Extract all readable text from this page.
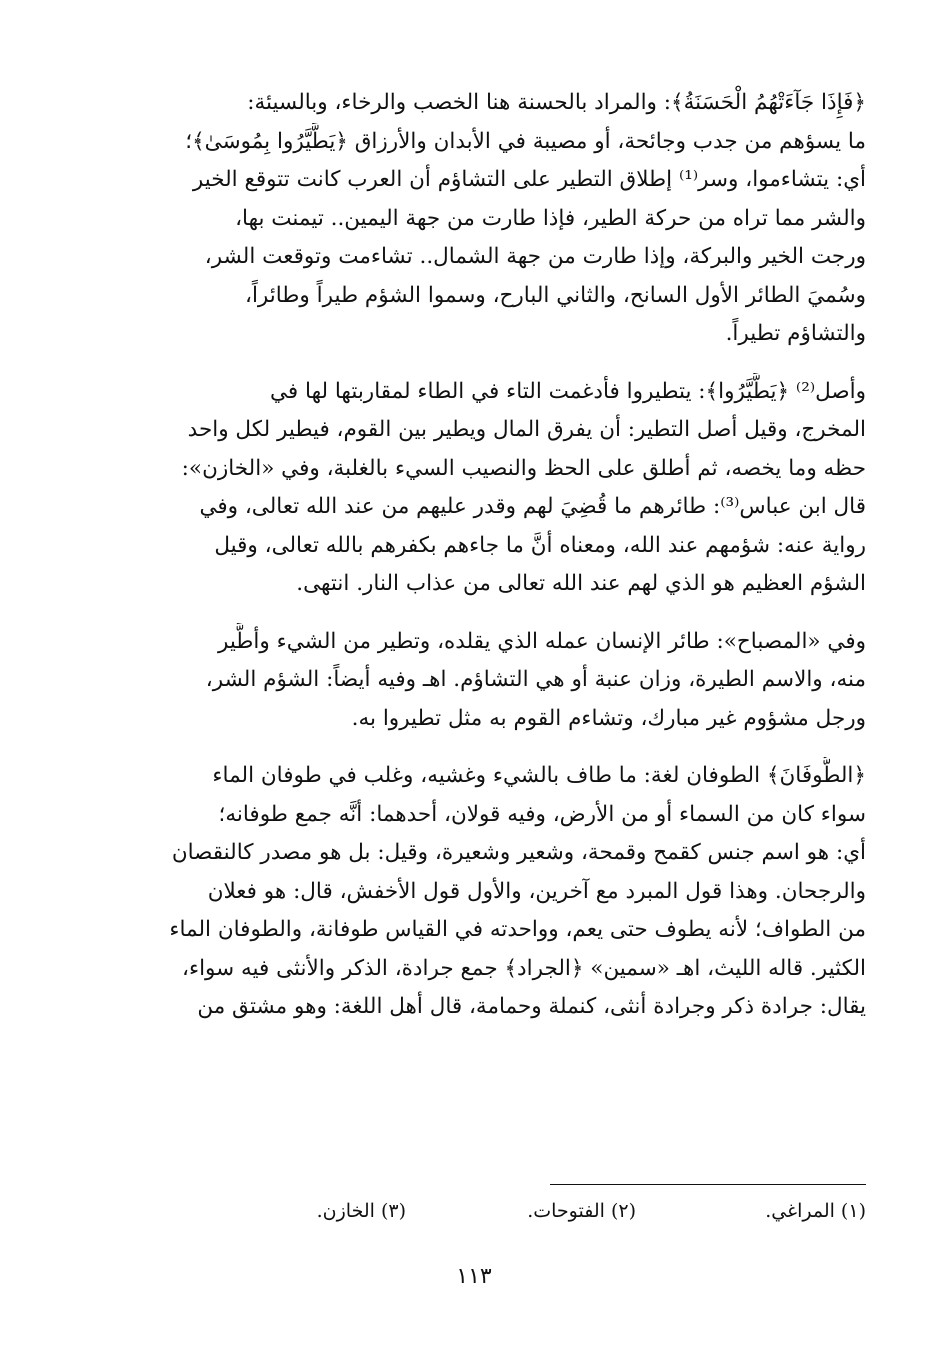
﴿فَإِذَا جَآءَتْهُمُ الْحَسَنَةُ﴾: والمراد بالحسنة هنا الخصب والرخاء، وبالسيئة:
ما يسؤهم من جدب وجائحة، أو مصيبة في الأبدان والأرزاق ﴿يَطَّيَّرُوا بِمُوسَىٰ﴾؛
أي: يتشاءموا، وسر⁽¹⁾ إطلاق التطير على التشاؤم أن العرب كانت تتوقع الخير
والشر مما تراه من حركة الطير، فإذا طارت من جهة اليمين.. تيمنت بها،
ورجت الخير والبركة، وإذا طارت من جهة الشمال.. تشاءمت وتوقعت الشر،
وسُميَ الطائر الأول السانح، والثاني البارح، وسموا الشؤم طيراً وطائراً،
والتشاؤم تطيراً.

وأصل⁽²⁾ ﴿يَطَّيَّرُوا﴾: يتطيروا فأدغمت التاء في الطاء لمقاربتها لها في
المخرج، وقيل أصل التطير: أن يفرق المال ويطير بين القوم، فيطير لكل واحد
حظه وما يخصه، ثم أطلق على الحظ والنصيب السيء بالغلبة، وفي «الخازن»:
قال ابن عباس⁽³⁾: طائرهم ما قُضِيَ لهم وقدر عليهم من عند الله تعالى، وفي
رواية عنه: شؤمهم عند الله، ومعناه أنَّ ما جاءهم بكفرهم بالله تعالى، وقيل
الشؤم العظيم هو الذي لهم عند الله تعالى من عذاب النار. انتهى.

وفي «المصباح»: طائر الإنسان عمله الذي يقلده، وتطير من الشيء وأطَّير
منه، والاسم الطيرة، وزان عنبة أو هي التشاؤم. اهـ وفيه أيضاً: الشؤم الشر،
ورجل مشؤوم غير مبارك، وتشاءم القوم به مثل تطيروا به.

﴿الطُّوفَانَ﴾ الطوفان لغة: ما طاف بالشيء وغشيه، وغلب في طوفان الماء
سواء كان من السماء أو من الأرض، وفيه قولان، أحدهما: أنَّه جمع طوفانه؛
أي: هو اسم جنس كقمح وقمحة، وشعير وشعيرة، وقيل: بل هو مصدر كالنقصان
والرجحان. وهذا قول المبرد مع آخرين، والأول قول الأخفش، قال: هو فعلان
من الطواف؛ لأنه يطوف حتى يعم، وواحدته في القياس طوفانة، والطوفان الماء
الكثير. قاله الليث، اهـ «سمين» ﴿الجراد﴾ جمع جرادة، الذكر والأنثى فيه سواء،
يقال: جرادة ذكر وجرادة أنثى، كنملة وحمامة، قال أهل اللغة: وهو مشتق من

(١) المراغي.
(٢) الفتوحات.
(٣) الخازن.
١١٣
